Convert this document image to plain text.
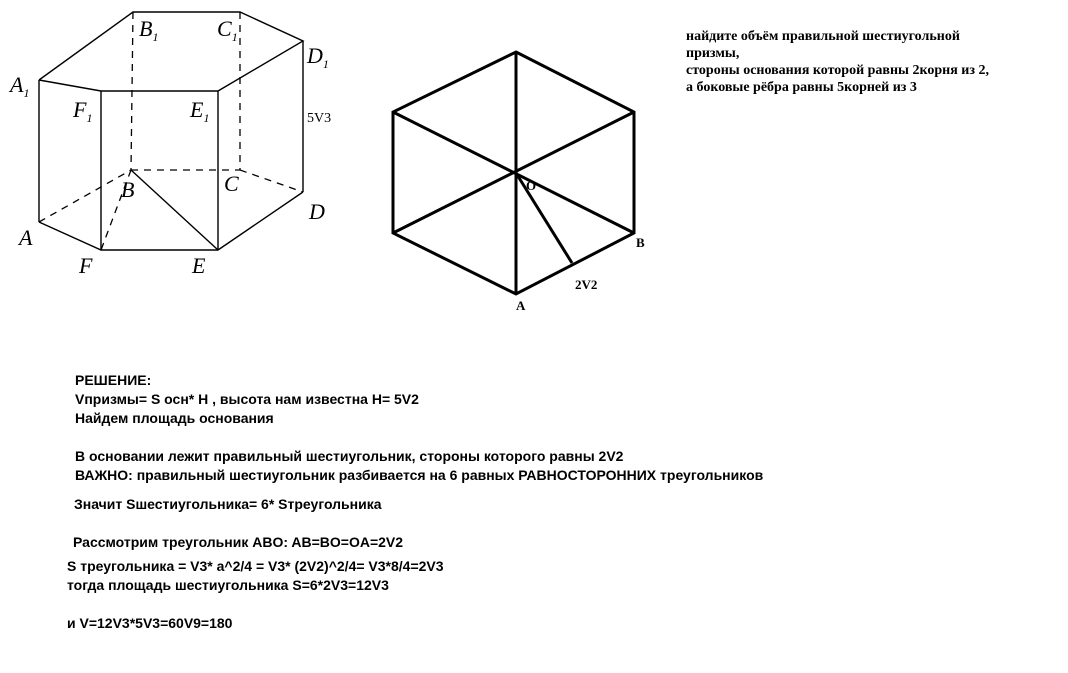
$A_1$
$B_1$	$C_1$
$D_1$
$F_1$	$E_1$	5V3
B	C
D
A
F	E
O
B
A
2V2
найдите объём правильной шестиугольной
призмы,
стороны основания которой равны 2корня из 2,
а боковые рёбра равны 5корней из 3
РЕШЕНИЕ:
Vпризмы= S осн* H , высота нам известна H= 5V2
Найдем площадь основания
В основании лежит правильный шестиугольник, стороны которого равны 2V2
ВАЖНО: правильный шестиугольник разбивается на 6 равных РАВНОСТОРОННИХ треугольников
Значит Sшестиугольника= 6* Sтреугольника
Рассмотрим треугольник ABO: AB=BO=OA=2V2
S треугольника = V3* a^2/4 = V3* (2V2)^2/4= V3*8/4=2V3
тогда площадь шестиугольника S=6*2V3=12V3
и V=12V3*5V3=60V9=180
